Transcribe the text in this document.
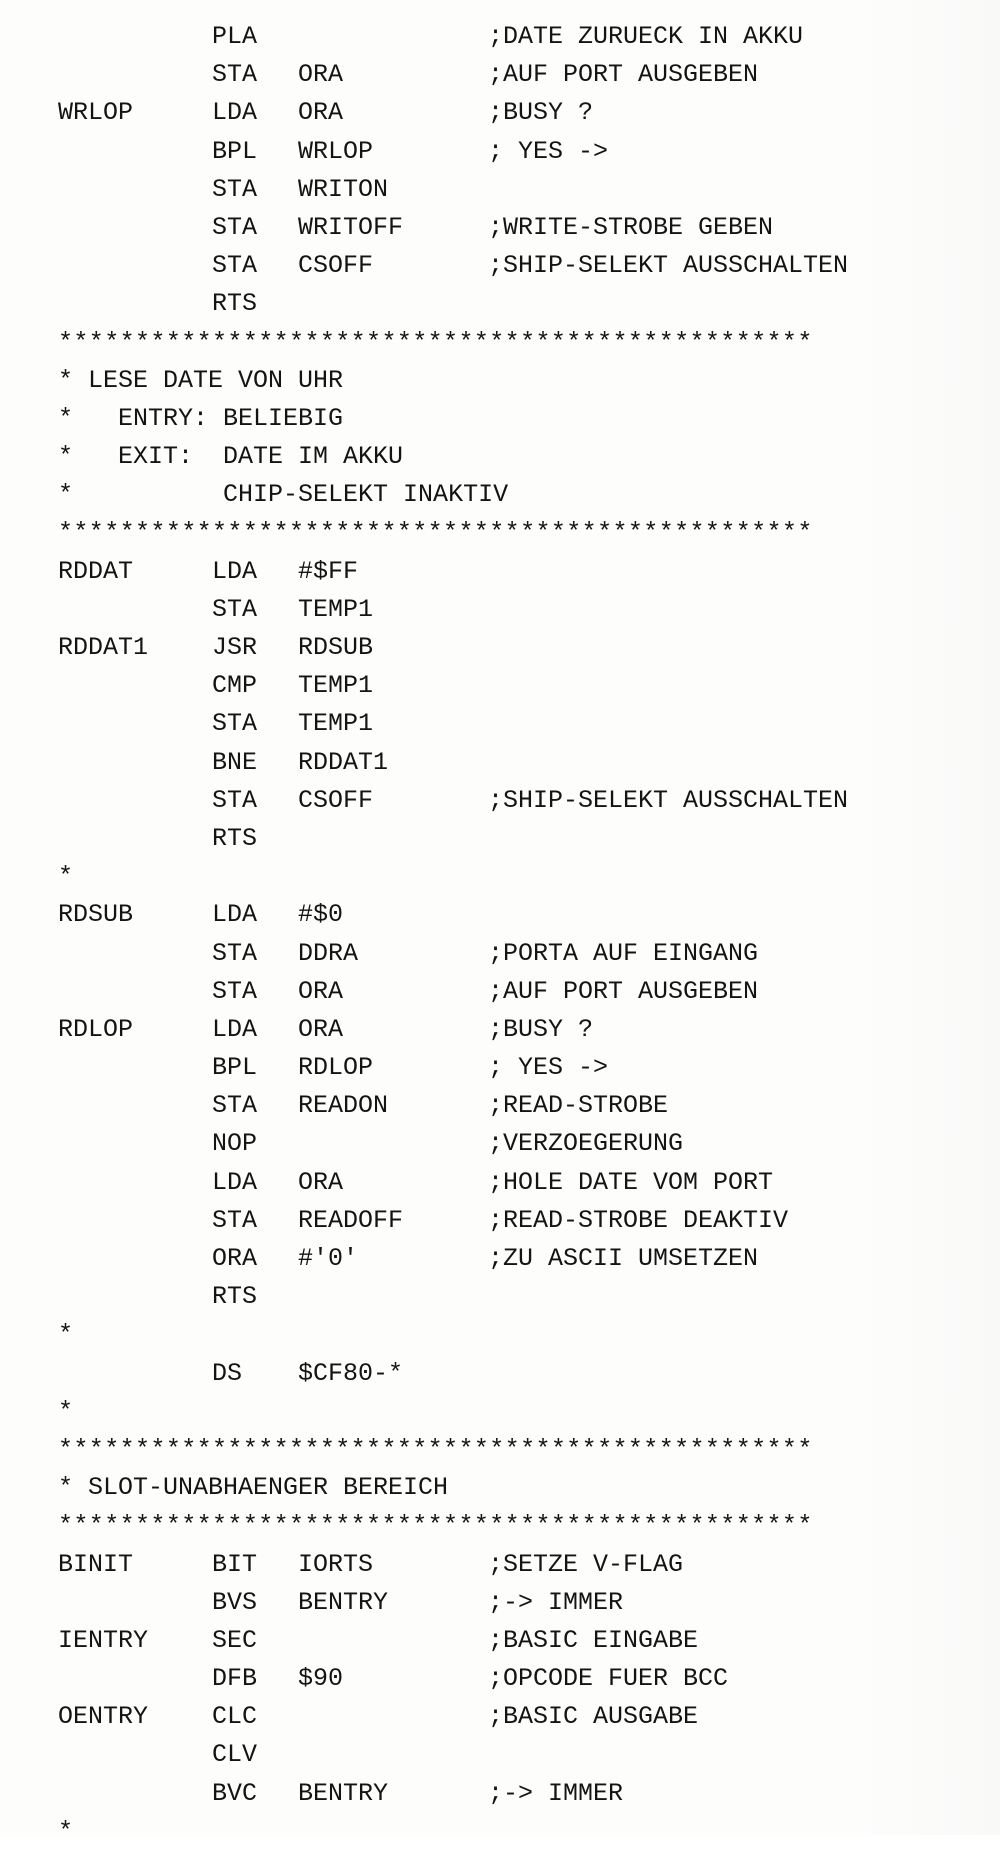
PLA	;DATE ZURUECK IN AKKU
STA ORA	;AUF PORT AUSGEBEN
WRLOP	LDA ORA	;BUSY ?
BPL WRLOP	; YES ->
STA WRITON
STA WRITOFF	;WRITE-STROBE GEBEN
STA CSOFF	;SHIP-SELEKT AUSSCHALTEN
RTS
*************************************************
* LESE DATE VON UHR
*   ENTRY: BELIEBIG
*   EXIT:  DATE IM AKKU
*          CHIP-SELEKT INAKTIV
*************************************************
RDDAT	LDA #$FF
STA TEMP1
RDDAT1	JSR RDSUB
CMP TEMP1
STA TEMP1
BNE RDDAT1
STA CSOFF	;SHIP-SELEKT AUSSCHALTEN
RTS
*
RDSUB	LDA #$0
STA DDRA	;PORTA AUF EINGANG
STA ORA	;AUF PORT AUSGEBEN
RDLOP	LDA ORA	;BUSY ?
BPL RDLOP	; YES ->
STA READON	;READ-STROBE
NOP	;VERZOEGERUNG
LDA ORA	;HOLE DATE VOM PORT
STA READOFF	;READ-STROBE DEAKTIV
ORA #'0'	;ZU ASCII UMSETZEN
RTS
*
DS $CF80-*
*
*************************************************
* SLOT-UNABHAENGER BEREICH
*************************************************
BINIT	BIT IORTS	;SETZE V-FLAG
BVS BENTRY	;-> IMMER
IENTRY	SEC	;BASIC EINGABE
DFB $90	;OPCODE FUER BCC
OENTRY	CLC	;BASIC AUSGABE
CLV
BVC BENTRY	;-> IMMER
*
